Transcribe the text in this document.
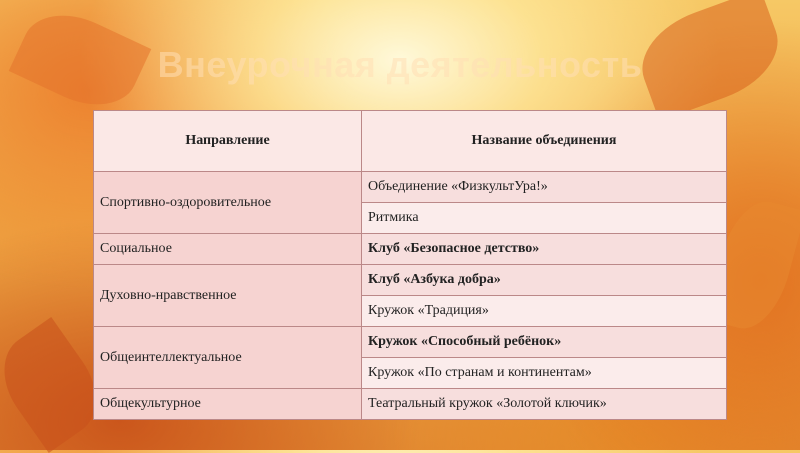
Внеурочная деятельность
Направление	Название объединения
Спортивно-оздоровительное	Объединение «ФизкультУра!»
	Ритмика
Социальное	Клуб «Безопасное детство»
Духовно-нравственное	Клуб «Азбука добра»
	Кружок «Традиция»
Общеинтеллектуальное	Кружок «Способный ребёнок»
	Кружок «По странам и континентам»
Общекультурное	Театральный кружок «Золотой ключик»
